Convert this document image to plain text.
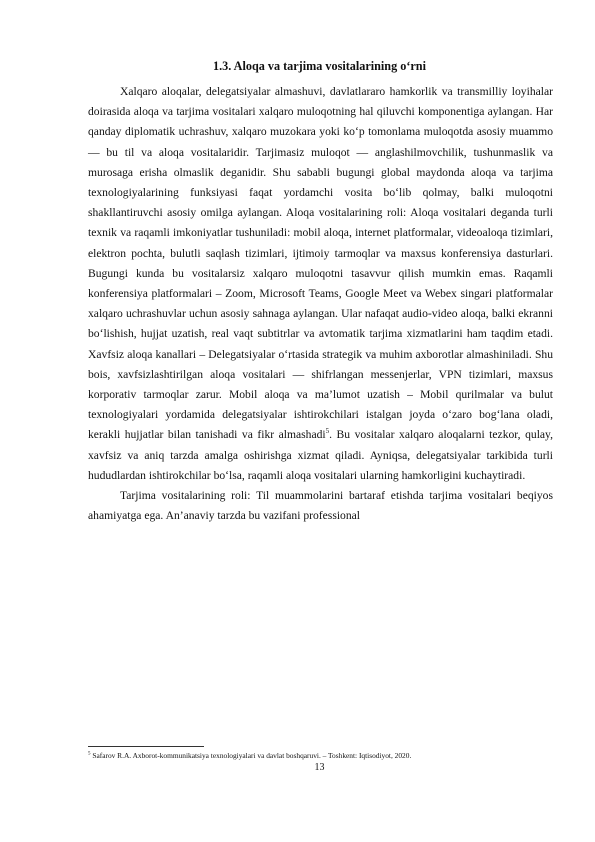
1.3. Aloqa va tarjima vositalarining o‘rni

Xalqaro aloqalar, delegatsiyalar almashuvi, davlatlararo hamkorlik va transmilliy loyihalar doirasida aloqa va tarjima vositalari xalqaro muloqotning hal qiluvchi komponentiga aylangan. Har qanday diplomatik uchrashuv, xalqaro muzokara yoki ko‘p tomonlama muloqotda asosiy muammo — bu til va aloqa vositalaridir. Tarjimasiz muloqot — anglashilmovchilik, tushunmaslik va murosaga erisha olmaslik deganidir. Shu sababli bugungi global maydonda aloqa va tarjima texnologiyalarining funksiyasi faqat yordamchi vosita bo‘lib qolmay, balki muloqotni shakllantiruvchi asosiy omilga aylangan. Aloqa vositalarining roli: Aloqa vositalari deganda turli texnik va raqamli imkoniyatlar tushuniladi: mobil aloqa, internet platformalar, videoaloqa tizimlari, elektron pochta, bulutli saqlash tizimlari, ijtimoiy tarmoqlar va maxsus konferensiya dasturlari. Bugungi kunda bu vositalarsiz xalqaro muloqotni tasavvur qilish mumkin emas. Raqamli konferensiya platformalari – Zoom, Microsoft Teams, Google Meet va Webex singari platformalar xalqaro uchrashuvlar uchun asosiy sahnaga aylangan. Ular nafaqat audio-video aloqa, balki ekranni bo‘lishish, hujjat uzatish, real vaqt subtitrlar va avtomatik tarjima xizmatlarini ham taqdim etadi. Xavfsiz aloqa kanallari – Delegatsiyalar o‘rtasida strategik va muhim axborotlar almashiniladi. Shu bois, xavfsizlashtirilgan aloqa vositalari — shifrlangan messenjerlar, VPN tizimlari, maxsus korporativ tarmoqlar zarur. Mobil aloqa va ma’lumot uzatish – Mobil qurilmalar va bulut texnologiyalari yordamida delegatsiyalar ishtirokchilari istalgan joyda o‘zaro bog‘lana oladi, kerakli hujjatlar bilan tanishadi va fikr almashadi$^5$. Bu vositalar xalqaro aloqalarni tezkor, qulay, xavfsiz va aniq tarzda amalga oshirishga xizmat qiladi. Ayniqsa, delegatsiyalar tarkibida turli hududlardan ishtirokchilar bo‘lsa, raqamli aloqa vositalari ularning hamkorligini kuchaytiradi.

Tarjima vositalarining roli: Til muammolarini bartaraf etishda tarjima vositalari beqiyos ahamiyatga ega. An’anaviy tarzda bu vazifani professional

$^5$ Safarov R.A. Axborot-kommunikatsiya texnologiyalari va davlat boshqaruvi. – Toshkent: Iqtisodiyot, 2020.
13
